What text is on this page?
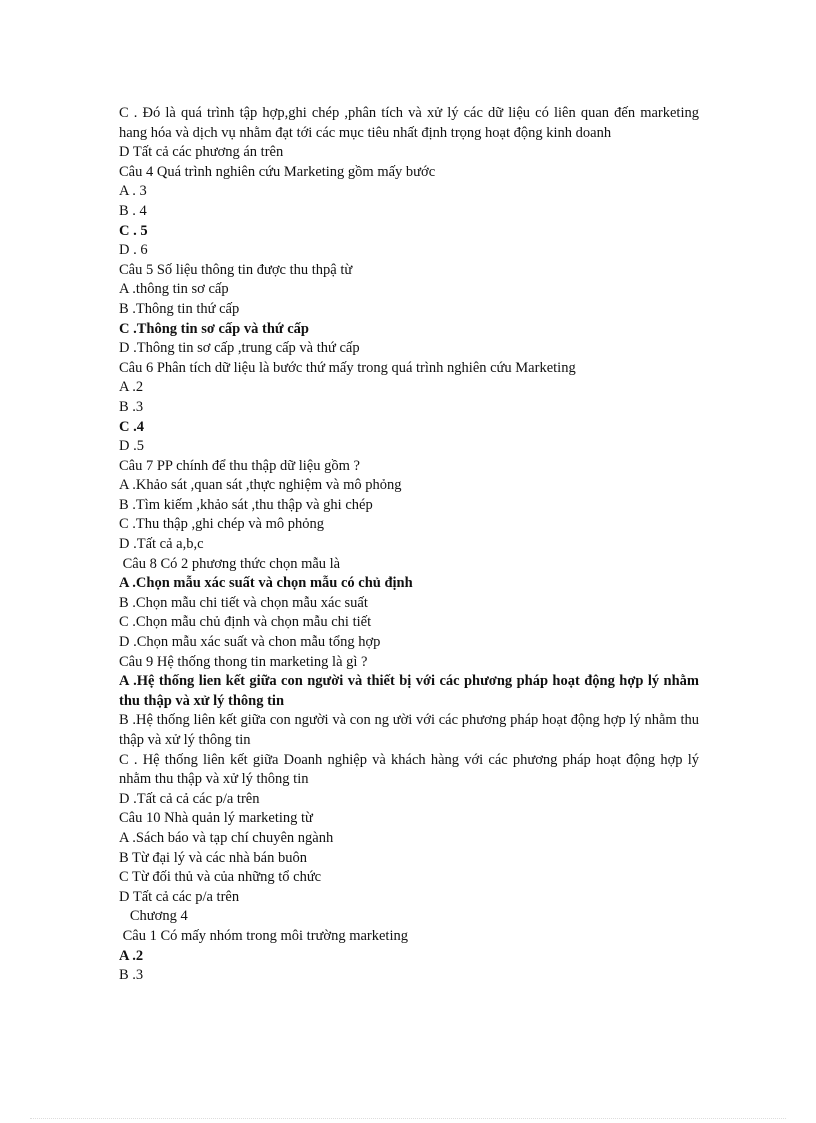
C . Đó là quá trình tập hợp,ghi chép ,phân tích và xử lý các dữ liệu có liên quan đến marketing hang hóa và dịch vụ nhằm đạt tới các mục tiêu nhất định trọng hoạt động kinh doanh
D Tất cả các phương án trên
Câu 4 Quá trình nghiên cứu Marketing gồm mấy bước
A . 3
B . 4
C . 5
D . 6
Câu 5 Số liệu thông tin được thu thpậ từ
A .thông tin sơ cấp
B .Thông tin thứ cấp
C .Thông tin sơ cấp và thứ cấp
D .Thông tin sơ cấp ,trung cấp và thứ cấp
Câu 6 Phân tích dữ liệu là bước thứ mấy trong quá trình nghiên cứu Marketing
A .2
B .3
C .4
D .5
Câu 7 PP chính để thu thập dữ liệu gồm ?
A .Khảo sát ,quan sát ,thực nghiệm và mô phỏng
B .Tìm kiếm ,khảo sát ,thu thập và ghi chép
C .Thu thập ,ghi chép và mô phỏng
D .Tất cả a,b,c
Câu 8 Có 2 phương thức chọn mẫu là
A .Chọn mẫu xác suất và chọn mẫu có chủ định
B .Chọn mẫu chi tiết và chọn mẫu xác suất
C .Chọn mẫu chủ định và chọn mẫu chi tiết
D .Chọn mẫu xác suất và chon mẫu tổng hợp
Câu 9 Hệ thống thong tin marketing là gì ?
A .Hệ thống lien kết giữa con người và thiết bị với các phương pháp hoạt động hợp lý nhằm thu thập và xử lý thông tin
B .Hệ thống liên kết giữa con người và con ng ười với các phương pháp hoạt động hợp lý nhằm thu thập và xử lý thông tin
C . Hệ thống liên kết giữa Doanh nghiệp và khách hàng với các phương pháp hoạt động hợp lý nhằm thu thập và xử lý thông tin
D .Tất cả cả các p/a trên
Câu 10 Nhà quản lý marketing từ
A .Sách báo và tạp chí chuyên ngành
B Từ đại lý và các nhà bán buôn
C Từ đối thủ và của những tổ chức
D Tất cả các p/a trên
Chương 4
Câu 1 Có mấy nhóm trong môi trường marketing
A .2
B .3
